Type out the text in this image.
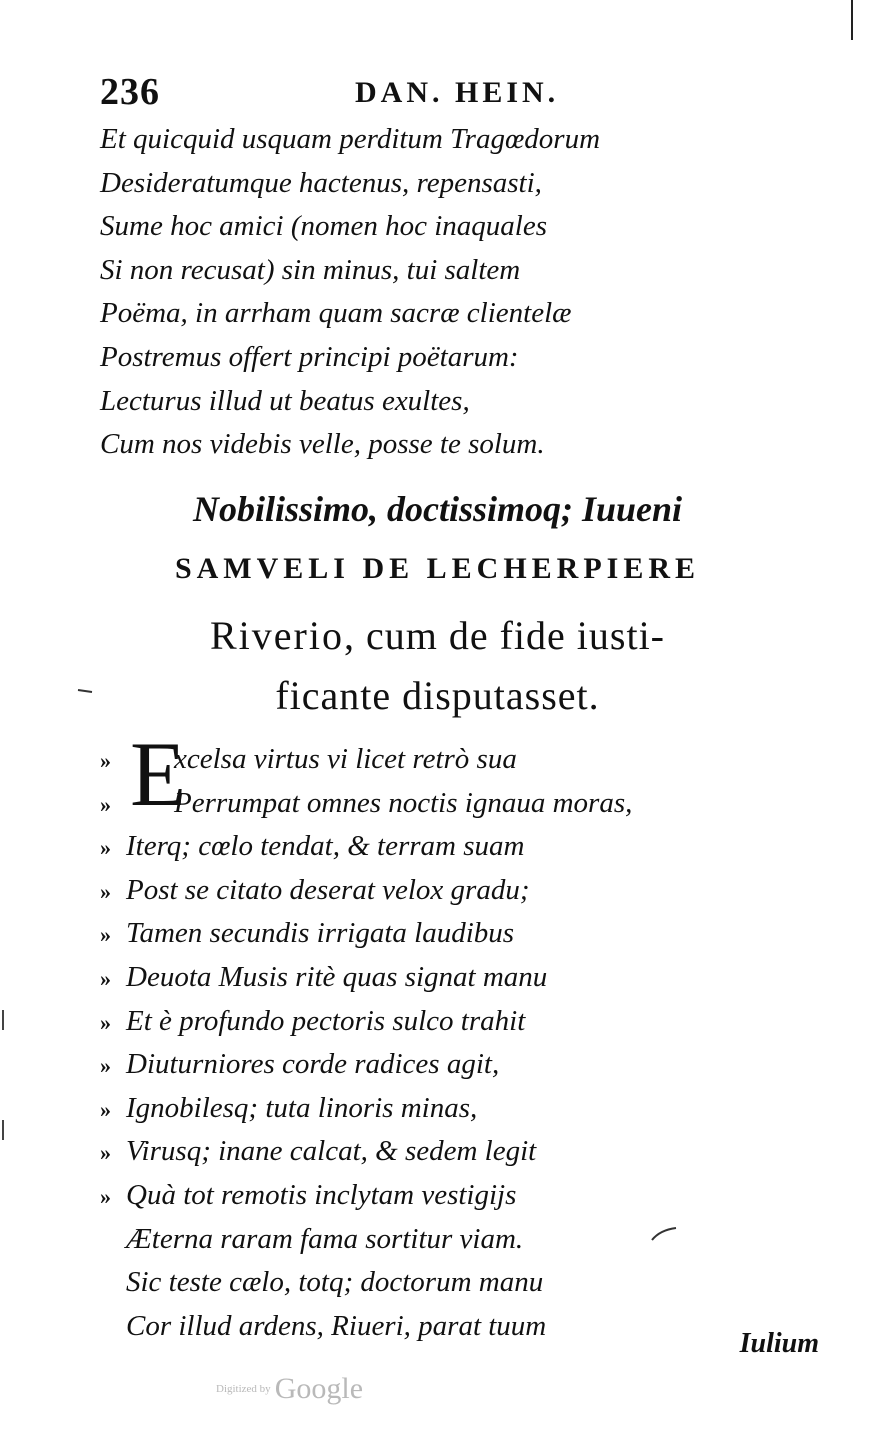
236	DAN. HEIN.
Et quicquid usquam perditum Tragœdorum
Desideratumque hactenus, repensasti,
Sume hoc amici (nomen hoc inaquales
Si non recusat) sin minus, tui saltem
Poëma, in arrham quam sacræ clientelæ
Postremus offert principi poëtarum:
Lecturus illud ut beatus exultes,
Cum nos videbis velle, posse te solum.
Nobilissimo, doctissimoq; Iuueni
SAMVELI DE LECHERPIERE
Riverio, cum de fide iusti-
ficante disputasset.
E
» xcelsa virtus vi licet retrò sua
» Perrumpat omnes noctis ignaua moras,
» Iterq; cœlo tendat, & terram suam
» Post se citato deserat velox gradu;
» Tamen secundis irrigata laudibus
» Deuota Musis ritè quas signat manu
» Et è profundo pectoris sulco trahit
» Diuturniores corde radices agit,
» Ignobilesq; tuta linoris minas,
» Virusq; inane calcat, & sedem legit
» Quà tot remotis inclytam vestigijs
Æterna raram fama sortitur viam.
Sic teste cælo, totq; doctorum manu
Cor illud ardens, Riueri, parat tuum
Iulium
$^{Digitized by}$ Google
